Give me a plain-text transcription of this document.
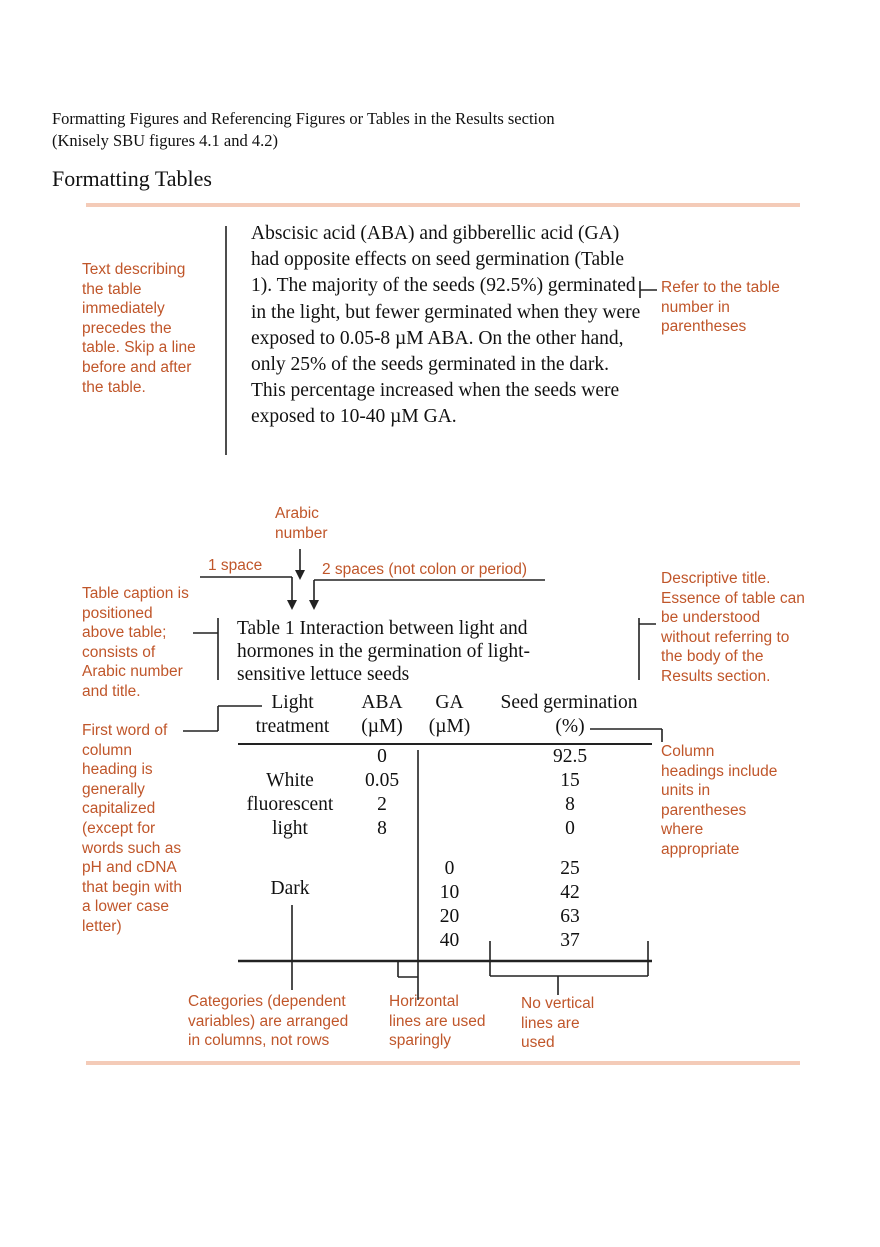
Formatting Figures and Referencing Figures or Tables in the Results section
(Knisely SBU figures 4.1 and 4.2)
Formatting Tables
Abscisic acid (ABA) and gibberellic acid (GA) had opposite effects on seed germination (Table 1). The majority of the seeds (92.5%) germinated in the light, but fewer germinated when they were exposed to 0.05-8 µM ABA. On the other hand, only 25% of the seeds germinated in the dark. This percentage increased when the seeds were exposed to 10-40 µM GA.
Text describing the table immediately precedes the table. Skip a line before and after the table.
Refer to the table number in parentheses
Arabic number
1 space	2 spaces (not colon or period)
Table caption is positioned above table; consists of Arabic number and title.
Descriptive title. Essence of table can be understood without referring to the body of the Results section.
First word of column heading is generally capitalized (except for words such as pH and cDNA that begin with a lower case letter)
Column headings include units in parentheses where appropriate
Categories (dependent variables) are arranged in columns, not rows
Horizontal lines are used sparingly
No vertical lines are used
Table 1 Interaction between light and hormones in the germination of light-sensitive lettuce seeds
Light
treatment
ABA
(µM)
GA
(µM)
Seed germination
(%)
White
fluorescent
light
Dark
0
0.05
2
8
0
10
20
40
92.5
15
8
0
25
42
63
37
